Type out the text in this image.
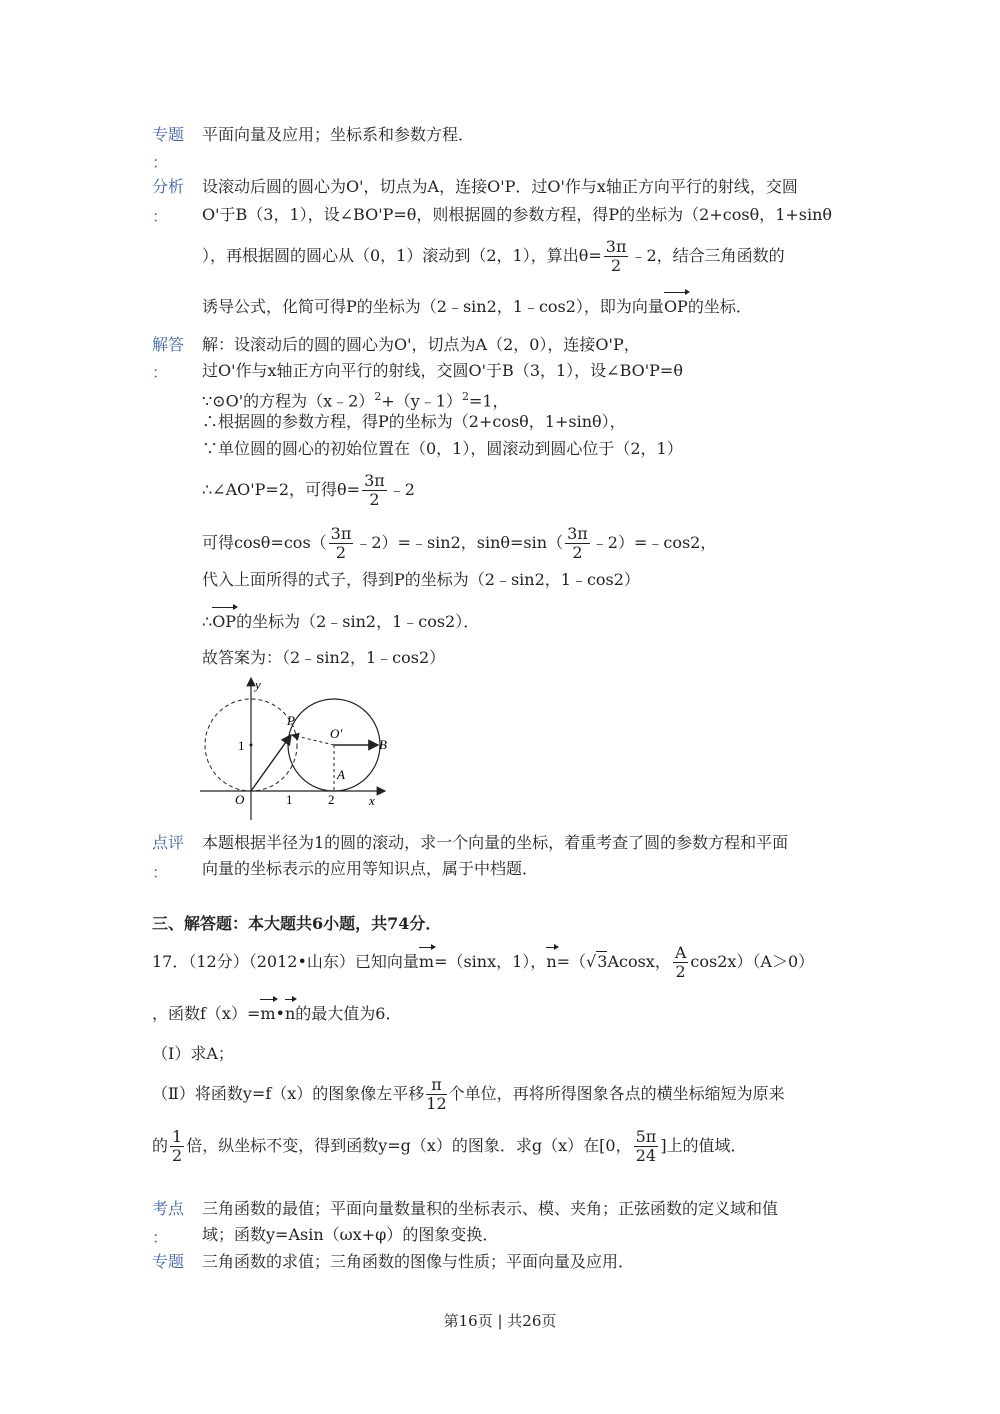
专题
：
平面向量及应用；坐标系和参数方程．
分析
：
设滚动后圆的圆心为O'，切点为A，连接O'P．过O'作与x轴正方向平行的射线，交圆
O'于B（3，1），设∠BO'P=θ，则根据圆的参数方程，得P的坐标为（2+cosθ，1+sinθ
），再根据圆的圆心从（0，1）滚动到（2，1），算出$\theta= \frac{3\pi}{2}$ ﹣2，结合三角函数的
诱导公式，化简可得P的坐标为（2﹣sin2，1﹣cos2），即为向量OP的坐标．
解答
：
解：设滚动后的圆的圆心为O'，切点为A（2，0），连接O'P，
过O'作与x轴正方向平行的射线，交圆O'于B（3，1），设∠BO'P=θ
∵⊙O'的方程为（x﹣2）$^2$+（y﹣1）$^2$=1，
∴根据圆的参数方程，得P的坐标为（2+cosθ，1+sinθ），
∵单位圆的圆心的初始位置在（0，1），圆滚动到圆心位于（2，1）
∴∠AO'P=2，可得$\theta= \frac{3\pi}{2}$ ﹣2
可得$\cos\theta=\cos( \frac{3\pi}{2}$ ﹣2）=﹣sin2，$\sin\theta=\sin( \frac{3\pi}{2}$ ﹣2）=﹣cos2，
代入上面所得的式子，得到P的坐标为（2﹣sin2，1﹣cos2）
∴OP的坐标为（2﹣sin2，1﹣cos2）．
故答案为：（2﹣sin2，1﹣cos2）
y
x
O	1	2
1
P
O'
A
B
点评
：
本题根据半径为1的圆的滚动，求一个向量的坐标，着重考查了圆的参数方程和平面
向量的坐标表示的应用等知识点，属于中档题．
三、解答题：本大题共6小题，共74分．
17．（12分）（2012•山东）已知向量m=（sinx，1），n=（√3Acosx， $\frac{A}{2} \cos 2x)(A>0)$
，函数f（x）=m•n的最大值为6．
（Ⅰ）求A；
（Ⅱ）将函数y=f（x）的图象像左平移 $\frac{\pi}{12}$ 个单位，再将所得图象各点的横坐标缩短为原来
的 $\frac{1}{2}$ 倍，纵坐标不变，得到函数y=g（x）的图象．求g（x）在[0， $\frac{5\pi}{24}$ ]上的值域．
考点
：
三角函数的最值；平面向量数量积的坐标表示、模、夹角；正弦函数的定义域和值
域；函数y=Asin（ωx+φ）的图象变换．
专题 三角函数的求值；三角函数的图像与性质；平面向量及应用．
第16页 | 共26页
